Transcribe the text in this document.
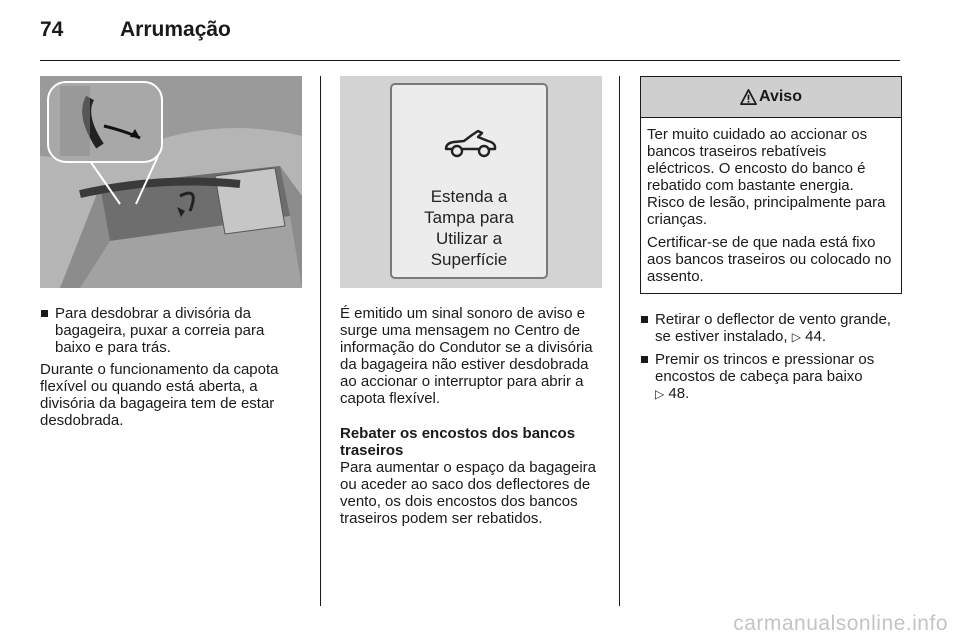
74	Arrumação

Para desdobrar a divisória da bagageira, puxar a correia para baixo e para trás.

Durante o funcionamento da capota flexível ou quando está aberta, a divisória da bagageira tem de estar desdobrada.

Estenda a
Tampa para
Utilizar a
Superfície

É emitido um sinal sonoro de aviso e surge uma mensagem no Centro de informação do Condutor se a divisória da bagageira não estiver desdobrada ao accionar o interruptor para abrir a capota flexível.

Rebater os encostos dos bancos traseiros

Para aumentar o espaço da bagageira ou aceder ao saco dos deflectores de vento, os dois encostos dos bancos traseiros podem ser rebatidos.

Aviso

Ter muito cuidado ao accionar os bancos traseiros rebatíveis eléctricos. O encosto do banco é rebatido com bastante energia. Risco de lesão, principalmente para crianças.

Certificar-se de que nada está fixo aos bancos traseiros ou colocado no assento.

Retirar o deflector de vento grande, se estiver instalado, ▷ 44.

Premir os trincos e pressionar os encostos de cabeça para baixo
▷ 48.

carmanualsonline.info
